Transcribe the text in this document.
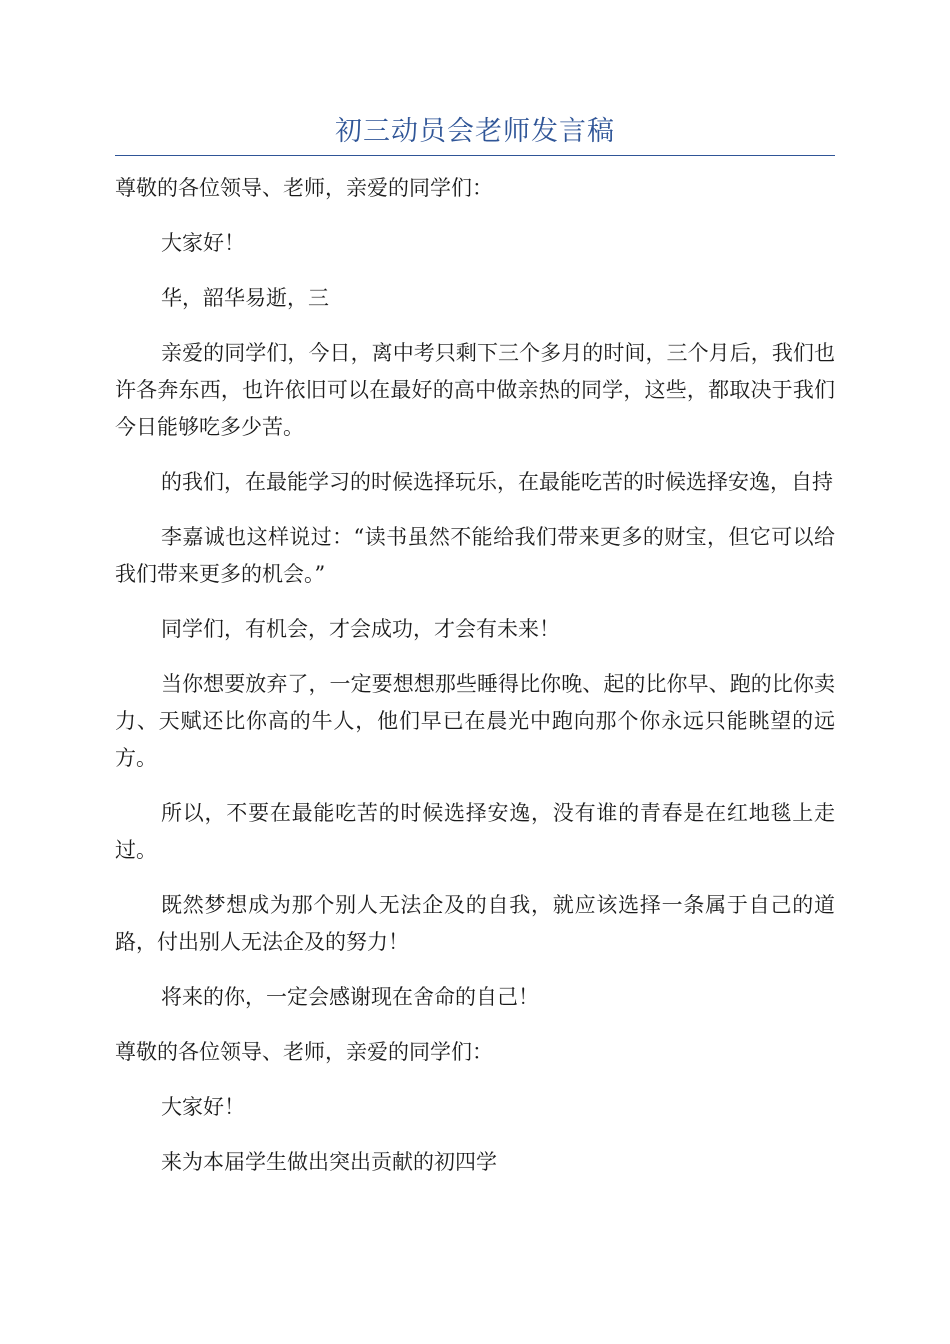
初三动员会老师发言稿

尊敬的各位领导、老师，亲爱的同学们：

大家好！

华，韶华易逝，三

亲爱的同学们，今日，离中考只剩下三个多月的时间，三个月后，我们也许各奔东西，也许依旧可以在最好的高中做亲热的同学，这些，都取决于我们今日能够吃多少苦。

的我们，在最能学习的时候选择玩乐，在最能吃苦的时候选择安逸，自持

李嘉诚也这样说过：“读书虽然不能给我们带来更多的财宝，但它可以给我们带来更多的机会。”

同学们，有机会，才会成功，才会有未来！

当你想要放弃了，一定要想想那些睡得比你晚、起的比你早、跑的比你卖力、天赋还比你高的牛人，他们早已在晨光中跑向那个你永远只能眺望的远方。

所以，不要在最能吃苦的时候选择安逸，没有谁的青春是在红地毯上走过。

既然梦想成为那个别人无法企及的自我，就应该选择一条属于自己的道路，付出别人无法企及的努力！

将来的你，一定会感谢现在舍命的自己！

尊敬的各位领导、老师，亲爱的同学们：

大家好！

来为本届学生做出突出贡献的初四学
